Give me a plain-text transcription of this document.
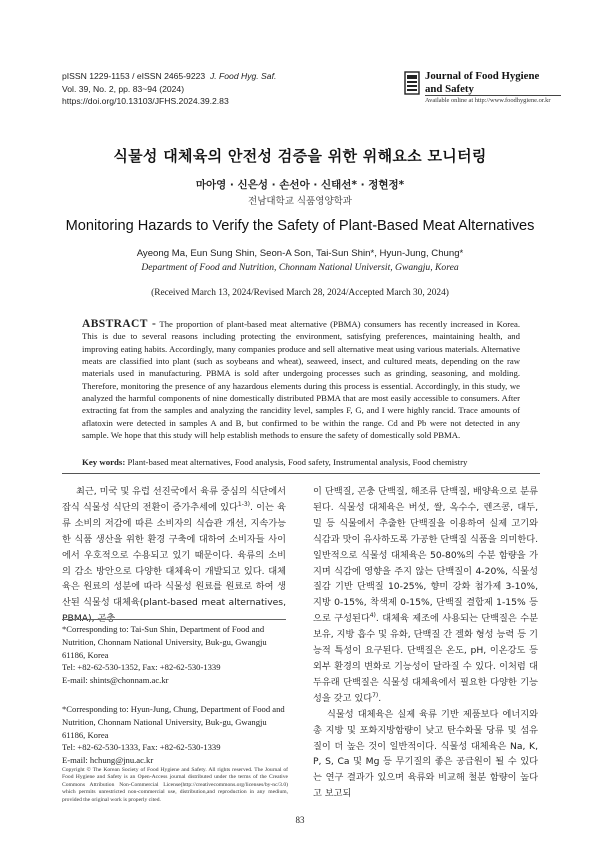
pISSN 1229-1153 / eISSN 2465-9223 J. Food Hyg. Saf.
Vol. 39, No. 2, pp. 83~94 (2024)
https://doi.org/10.13103/JFHS.2024.39.2.83
Journal of Food Hygiene
and Safety
Available online at http://www.foodhygiene.or.kr
식물성 대체육의 안전성 검증을 위한 위해요소 모니터링
마아영 · 신은성 · 손선아 · 신태선* · 정현정*
전남대학교 식품영양학과
Monitoring Hazards to Verify the Safety of Plant-Based Meat Alternatives
Ayeong Ma, Eun Sung Shin, Seon-A Son, Tai-Sun Shin*, Hyun-Jung, Chung*
Department of Food and Nutrition, Chonnam National Universit, Gwangju, Korea
(Received March 13, 2024/Revised March 28, 2024/Accepted March 30, 2024)
ABSTRACT - The proportion of plant-based meat alternative (PBMA) consumers has recently increased in Korea. This is due to several reasons including protecting the environment, satisfying preferences, maintaining health, and improving eating habits. Accordingly, many companies produce and sell alternative meat using various materials. Alternative meats are classified into plant (such as soybeans and wheat), seaweed, insect, and cultured meats, depending on the raw materials used in manufacturing. PBMA is sold after undergoing processes such as grinding, seasoning, and molding. Therefore, monitoring the presence of any hazardous elements during this process is essential. Accordingly, in this study, we analyzed the harmful components of nine domestically distributed PBMA that are most easily accessible to consumers. After extracting fat from the samples and analyzing the rancidity level, samples F, G, and I were highly rancid. Trace amounts of aflatoxin were detected in samples A and B, but confirmed to be within the range. Cd and Pb were not detected in any sample. We hope that this study will help establish methods to ensure the safety of domestically sold PBMA.
Key words: Plant-based meat alternatives, Food analysis, Food safety, Instrumental analysis, Food chemistry

최근, 미국 및 유럽 선진국에서 육류 중심의 식단에서 잡식 식물성 식단의 전환이 증가추세에 있다$^{1-3)}$. 이는 육류 소비의 저감에 따른 소비자의 식습관 개선, 지속가능한 식품 생산을 위한 환경 구축에 대하여 소비자들 사이에서 우호적으로 수용되고 있기 때문이다. 육류의 소비의 감소 방안으로 다양한 대체육이 개발되고 있다. 대체육은 원료의 성분에 따라 식물성 원료를 원료로 하여 생산된 식물성 대체육(plant-based meat alternatives, PBMA), 곤충

이 단백질, 곤충 단백질, 해조류 단백질, 배양육으로 분류된다. 식물성 대체육은 버섯, 쌀, 옥수수, 렌즈콩, 대두, 밀 등 식물에서 추출한 단백질을 이용하여 실제 고기와 식감과 맛이 유사하도록 가공한 단백질 식품을 의미한다. 일반적으로 식물성 대체육은 50-80%의 수분 함량을 가지며 식감에 영향을 주지 않는 단백질이 4-20%, 식물성 질감 기반 단백질 10-25%, 향미 강화 첨가제 3-10%, 지방 0-15%, 착색제 0-15%, 단백질 결합제 1-15% 등으로 구성된다$^{4)}$. 대체육 제조에 사용되는 단백질은 수분 보유, 지방 흡수 및 유화, 단백질 간 겔화 형성 능력 등 기능적 특성이 요구된다. 단백질은 온도, pH, 이온강도 등 외부 환경의 변화로 기능성이 달라질 수 있다. 이처럼 대두유래 단백질은 식물성 대체육에서 필요한 다양한 기능성을 갖고 있다$^{7)}$.

식물성 대체육은 실제 육류 기반 제품보다 에너지와 총 지방 및 포화지방함량이 낮고 탄수화물 당류 및 섬유질이 더 높은 것이 일반적이다. 식물성 대체육은 Na, K, P, S, Ca 및 Mg 등 무기질의 좋은 공급원이 될 수 있다는 연구 결과가 있으며 육류와 비교해 철분 함량이 높다고 보고되

*Corresponding to: Tai-Sun Shin, Department of Food and Nutrition, Chonnam National University, Buk-gu, Gwangju 61186, Korea
Tel: +82-62-530-1352, Fax: +82-62-530-1339
E-mail: shints@chonnam.ac.kr
*Corresponding to: Hyun-Jung, Chung, Department of Food and Nutrition, Chonnam National University, Buk-gu, Gwangju 61186, Korea
Tel: +82-62-530-1333, Fax: +82-62-530-1339
E-mail: hchung@jnu.ac.kr
Copyright © The Korean Society of Food Hygiene and Safety. All rights reserved. The Journal of Food Hygiene and Safety is an Open-Access journal distributed under the terms of the Creative Commons Attribution Non-Commercial License(http://creativecommons.org/licenses/by-nc/3.0) which permits unrestricted non-commercial use, distribution,and reproduction in any medium, provided the original work is properly cited.
83
